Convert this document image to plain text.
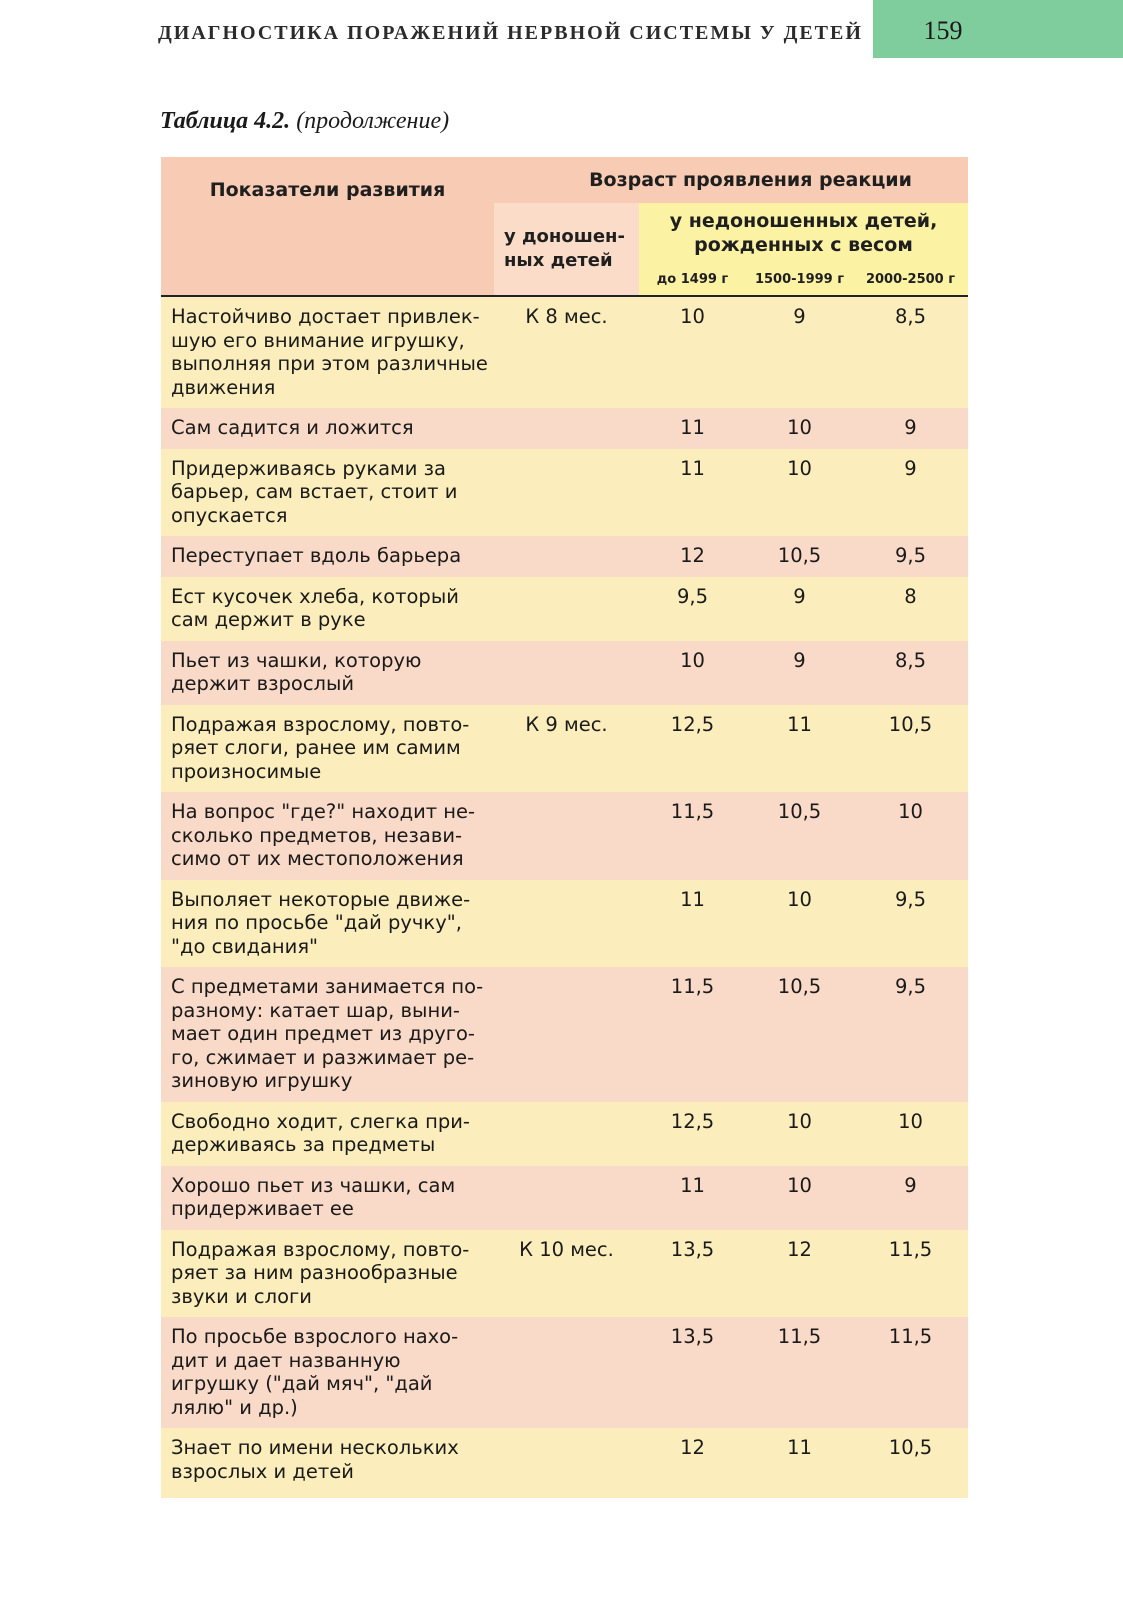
ДИАГНОСТИКА ПОРАЖЕНИЙ НЕРВНОЙ СИСТЕМЫ У ДЕТЕЙ	159
Таблица 4.2. (продолжение)
Показатели развития	Возраст проявления реакции			
	у доношен-ных детей	у недоношенных детей, рожденных с весом		
		до 1499 г	1500-1999 г	2000-2500 г
Настойчиво достает привлек-шую его внимание игрушку, выполняя при этом различные движения	К 8 мес.	10	9	8,5
Сам садится и ложится		11	10	9
Придерживаясь руками за барьер, сам встает, стоит и опускается		11	10	9
Переступает вдоль барьера		12	10,5	9,5
Ест кусочек хлеба, который сам держит в руке		9,5	9	8
Пьет из чашки, которую держит взрослый		10	9	8,5
Подражая взрослому, повто-ряет слоги, ранее им самим произносимые	К 9 мес.	12,5	11	10,5
На вопрос "где?" находит не-сколько предметов, незави-симо от их местоположения		11,5	10,5	10
Выполяет некоторые движе-ния по просьбе "дай ручку", "до свидания"		11	10	9,5
С предметами занимается по-разному: катает шар, выни-мает один предмет из друго-го, сжимает и разжимает ре-зиновую игрушку		11,5	10,5	9,5
Свободно ходит, слегка при-держиваясь за предметы		12,5	10	10
Хорошо пьет из чашки, сам придерживает ее		11	10	9
Подражая взрослому, повто-ряет за ним разнообразные звуки и слоги	К 10 мес.	13,5	12	11,5
По просьбе взрослого нахо-дит и дает названную игрушку ("дай мяч", "дай лялю" и др.)		13,5	11,5	11,5
Знает по имени нескольких взрослых и детей		12	11	10,5
